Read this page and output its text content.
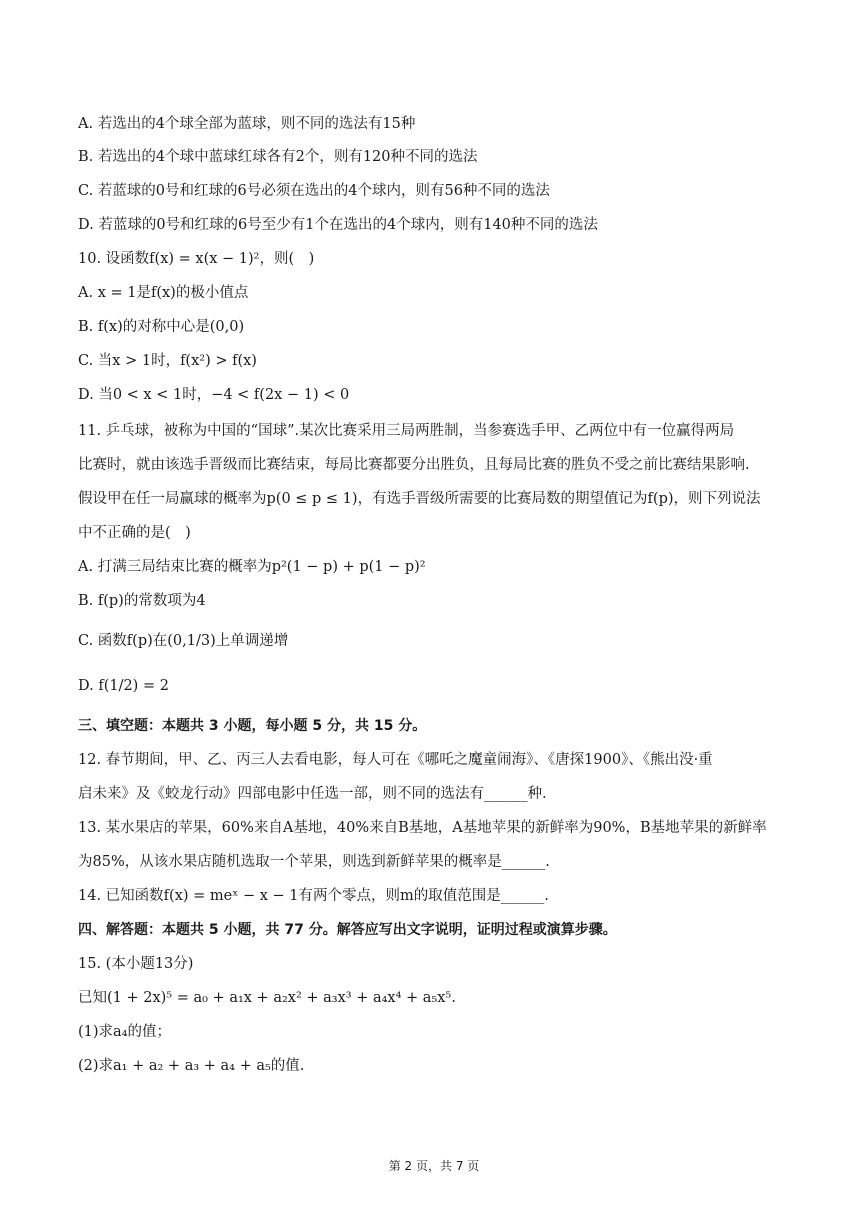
A. 若选出的4个球全部为蓝球，则不同的选法有15种
B. 若选出的4个球中蓝球红球各有2个，则有120种不同的选法
C. 若蓝球的0号和红球的6号必须在选出的4个球内，则有56种不同的选法
D. 若蓝球的0号和红球的6号至少有1个在选出的4个球内，则有140种不同的选法
10. 设函数f(x) = x(x − 1)²，则(　)
A. x = 1是f(x)的极小值点
B. f(x)的对称中心是(0,0)
C. 当x > 1时，f(x²) > f(x)
D. 当0 < x < 1时，−4 < f(2x − 1) < 0
11. 乒乓球，被称为中国的“国球”.某次比赛采用三局两胜制，当参赛选手甲、乙两位中有一位赢得两局
比赛时，就由该选手晋级而比赛结束，每局比赛都要分出胜负，且每局比赛的胜负不受之前比赛结果影响.
假设甲在任一局赢球的概率为p(0 ≤ p ≤ 1)，有选手晋级所需要的比赛局数的期望值记为f(p)，则下列说法
中不正确的是(　)
A. 打满三局结束比赛的概率为p²(1 − p) + p(1 − p)²
B. f(p)的常数项为4
C. 函数f(p)在(0,1/3)上单调递增
D. f(1/2) = 2
三、填空题：本题共 3 小题，每小题 5 分，共 15 分。
12. 春节期间，甲、乙、丙三人去看电影，每人可在《哪吒之魔童闹海》、《唐探1900》、《熊出没·重
启未来》及《蛟龙行动》四部电影中任选一部，则不同的选法有______种.
13. 某水果店的苹果，60%来自A基地，40%来自B基地，A基地苹果的新鲜率为90%，B基地苹果的新鲜率
为85%，从该水果店随机选取一个苹果，则选到新鲜苹果的概率是______.
14. 已知函数f(x) = meˣ − x − 1有两个零点，则m的取值范围是______.
四、解答题：本题共 5 小题，共 77 分。解答应写出文字说明，证明过程或演算步骤。
15. (本小题13分)
已知(1 + 2x)⁵ = a₀ + a₁x + a₂x² + a₃x³ + a₄x⁴ + a₅x⁵.
(1)求a₄的值；
(2)求a₁ + a₂ + a₃ + a₄ + a₅的值.
第 2 页，共 7 页
